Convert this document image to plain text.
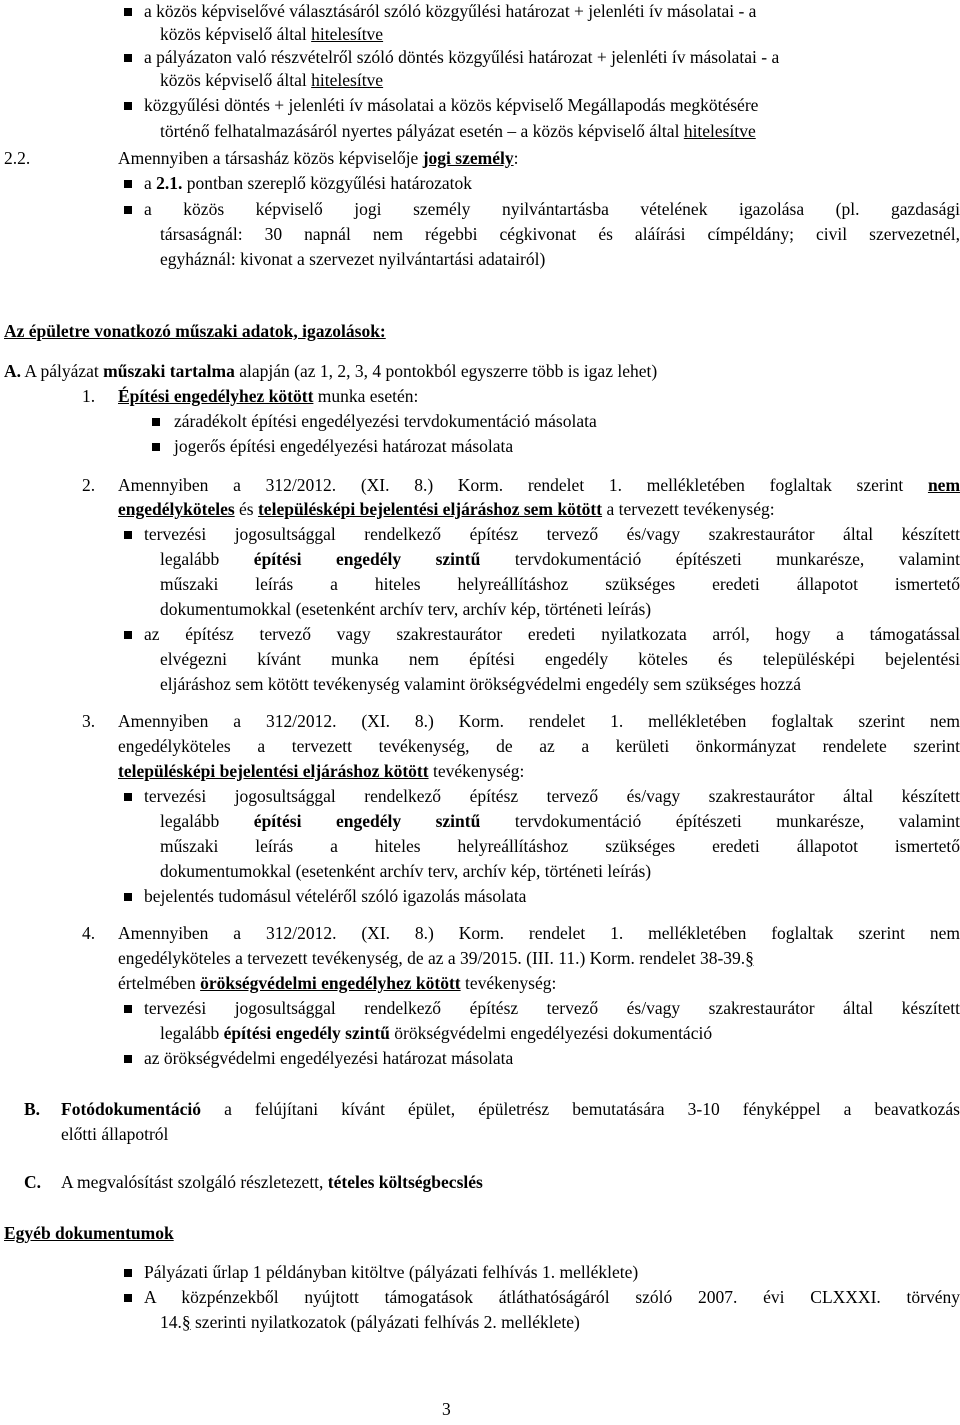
a közös képviselővé választásáról szóló közgyűlési határozat + jelenléti ív másolatai - a
közös képviselő által hitelesítve
a pályázaton való részvételről szóló döntés közgyűlési határozat + jelenléti ív másolatai - a
közös képviselő által hitelesítve
közgyűlési döntés + jelenléti ív másolatai a közös képviselő Megállapodás megkötésére
történő felhatalmazásáról nyertes pályázat esetén – a közös képviselő által hitelesítve
2.2.	Amennyiben a társasház közös képviselője jogi személy:
a 2.1. pontban szereplő közgyűlési határozatok
a közös képviselő jogi személy nyilvántartásba vételének igazolása (pl. gazdasági
társaságnál: 30 napnál nem régebbi cégkivonat és aláírási címpéldány; civil szervezetnél,
egyháznál: kivonat a szervezet nyilvántartási adatairól)
Az épületre vonatkozó műszaki adatok, igazolások:
A. A pályázat műszaki tartalma alapján (az 1, 2, 3, 4 pontokból egyszerre több is igaz lehet)
1. Építési engedélyhez kötött munka esetén:
záradékolt építési engedélyezési tervdokumentáció másolata
jogerős építési engedélyezési határozat másolata
2. Amennyiben a 312/2012. (XI. 8.) Korm. rendelet 1. mellékletében foglaltak szerint nem
engedélyköteles és településképi bejelentési eljáráshoz sem kötött a tervezett tevékenység:
tervezési jogosultsággal rendelkező építész tervező és/vagy szakrestaurátor által készített
legalább építési engedély szintű tervdokumentáció építészeti munkarésze, valamint
műszaki leírás a hiteles helyreállításhoz szükséges eredeti állapotot ismertető
dokumentumokkal (esetenként archív terv, archív kép, történeti leírás)
az építész tervező vagy szakrestaurátor eredeti nyilatkozata arról, hogy a támogatással
elvégezni kívánt munka nem építési engedély köteles és településképi bejelentési
eljáráshoz sem kötött tevékenység valamint örökségvédelmi engedély sem szükséges hozzá
3. Amennyiben a 312/2012. (XI. 8.) Korm. rendelet 1. mellékletében foglaltak szerint nem
engedélyköteles a tervezett tevékenység, de az a kerületi önkormányzat rendelete szerint
településképi bejelentési eljáráshoz kötött tevékenység:
tervezési jogosultsággal rendelkező építész tervező és/vagy szakrestaurátor által készített
legalább építési engedély szintű tervdokumentáció építészeti munkarésze, valamint
műszaki leírás a hiteles helyreállításhoz szükséges eredeti állapotot ismertető
dokumentumokkal (esetenként archív terv, archív kép, történeti leírás)
bejelentés tudomásul vételéről szóló igazolás másolata
4. Amennyiben a 312/2012. (XI. 8.) Korm. rendelet 1. mellékletében foglaltak szerint nem
engedélyköteles a tervezett tevékenység, de az a 39/2015. (III. 11.) Korm. rendelet 38-39.§
értelmében örökségvédelmi engedélyhez kötött tevékenység:
tervezési jogosultsággal rendelkező építész tervező és/vagy szakrestaurátor által készített
legalább építési engedély szintű örökségvédelmi engedélyezési dokumentáció
az örökségvédelmi engedélyezési határozat másolata
B. Fotódokumentáció a felújítani kívánt épület, épületrész bemutatására 3-10 fényképpel a beavatkozás
előtti állapotról
C. A megvalósítást szolgáló részletezett, tételes költségbecslés
Egyéb dokumentumok
Pályázati űrlap 1 példányban kitöltve (pályázati felhívás 1. melléklete)
A közpénzekből nyújtott támogatások átláthatóságáról szóló 2007. évi CLXXXI. törvény
14.§ szerinti nyilatkozatok (pályázati felhívás 2. melléklete)
3
